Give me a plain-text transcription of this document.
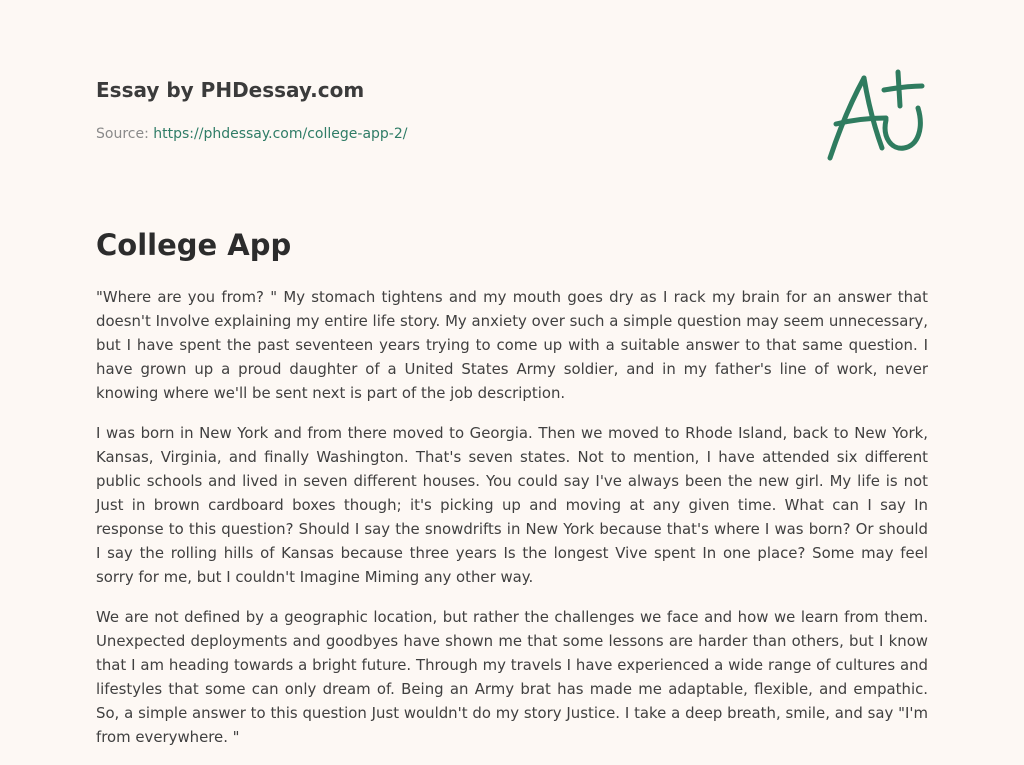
Essay by PHDessay.com
Source: https://phdessay.com/college-app-2/
College App

"Where are you from? " My stomach tightens and my mouth goes dry as I rack my brain for an answer that doesn't Involve explaining my entire life story. My anxiety over such a simple question may seem unnecessary, but I have spent the past seventeen years trying to come up with a suitable answer to that same question. I have grown up a proud daughter of a United States Army soldier, and in my father's line of work, never knowing where we'll be sent next is part of the job description.

I was born in New York and from there moved to Georgia. Then we moved to Rhode Island, back to New York, Kansas, Virginia, and finally Washington. That's seven states. Not to mention, I have attended six different public schools and lived in seven different houses. You could say I've always been the new girl. My life is not Just in brown cardboard boxes though; it's picking up and moving at any given time. What can I say In response to this question? Should I say the snowdrifts in New York because that's where I was born? Or should I say the rolling hills of Kansas because three years Is the longest Vive spent In one place? Some may feel sorry for me, but I couldn't Imagine Miming any other way.

We are not defined by a geographic location, but rather the challenges we face and how we learn from them. Unexpected deployments and goodbyes have shown me that some lessons are harder than others, but I know that I am heading towards a bright future. Through my travels I have experienced a wide range of cultures and lifestyles that some can only dream of. Being an Army brat has made me adaptable, flexible, and empathic. So, a simple answer to this question Just wouldn't do my story Justice. I take a deep breath, smile, and say "I'm from everywhere. "
